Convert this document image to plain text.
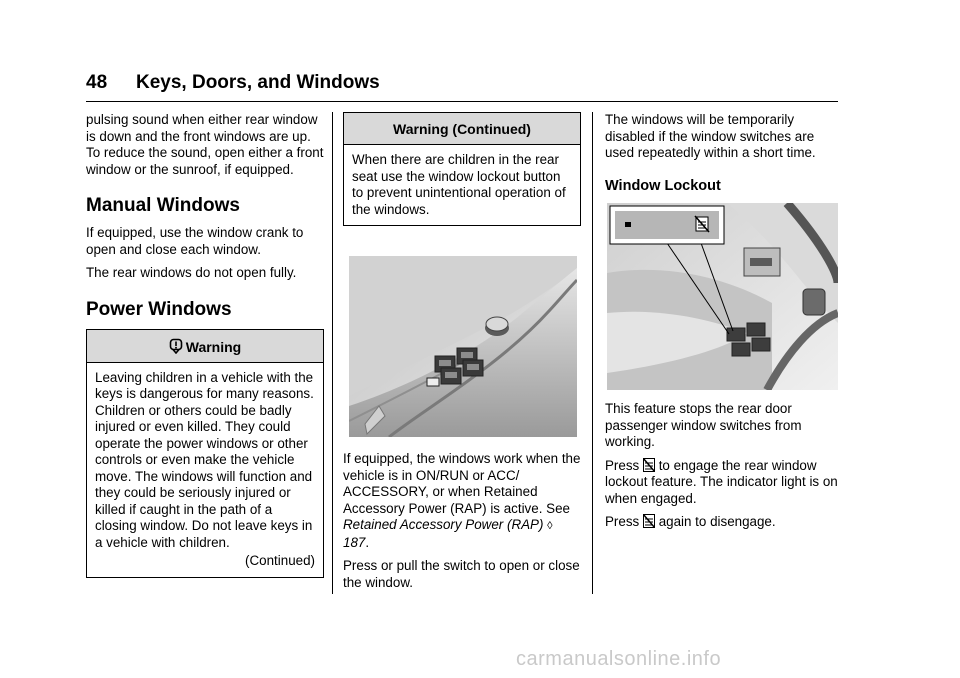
48 Keys, Doors, and Windows

pulsing sound when either rear window is down and the front windows are up. To reduce the sound, open either a front window or the sunroof, if equipped.

Manual Windows

If equipped, use the window crank to open and close each window.

The rear windows do not open fully.

Power Windows
Warning
Leaving children in a vehicle with the keys is dangerous for many reasons. Children or others could be badly injured or even killed. They could operate the power windows or other controls or even make the vehicle move. The windows will function and they could be seriously injured or killed if caught in the path of a closing window. Do not leave keys in a vehicle with children.
(Continued)
Warning (Continued)
When there are children in the rear seat use the window lockout button to prevent unintentional operation of the windows.

If equipped, the windows work when the vehicle is in ON/RUN or ACC/ ACCESSORY, or when Retained Accessory Power (RAP) is active. See Retained Accessory Power (RAP) ◊ 187.

Press or pull the switch to open or close the window.

The windows will be temporarily disabled if the window switches are used repeatedly within a short time.

Window Lockout

This feature stops the rear door passenger window switches from working.

Press to engage the rear window lockout feature. The indicator light is on when engaged.

Press again to disengage.

carmanualsonline.info
